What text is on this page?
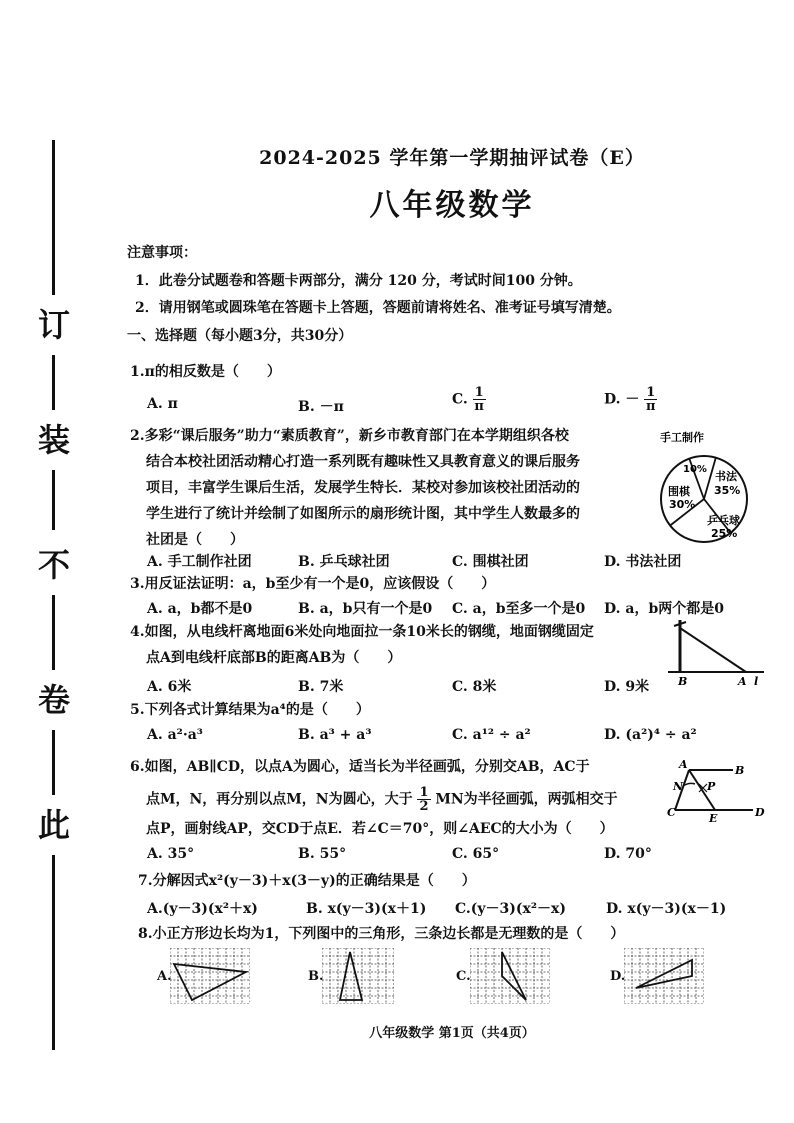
订
装
不
卷
此
2024-2025 学年第一学期抽评试卷（E）
八年级数学
注意事项：
1．此卷分试题卷和答题卡两部分，满分 120 分，考试时间100 分钟。
2．请用钢笔或圆珠笔在答题卡上答题，答题前请将姓名、准考证号填写清楚。
一、选择题（每小题3分，共30分）
1.π的相反数是（　　）
A. π	B. －π	C. $\frac{1}{\pi}$	D. － $\frac{1}{\pi}$
2.多彩“课后服务”助力“素质教育”，新乡市教育部门在本学期组织各校
结合本校社团活动精心打造一系列既有趣味性又具教育意义的课后服务
项目，丰富学生课后生活，发展学生特长．某校对参加该校社团活动的
学生进行了统计并绘制了如图所示的扇形统计图，其中学生人数最多的
社团是（　　）
A. 手工制作社团	B. 乒乓球社团	C. 围棋社团	D. 书法社团
手工制作
10%
书法
35%
乒乓球
25%
围棋
30%
3.用反证法证明：a，b至少有一个是0，应该假设（　　）
A. a，b都不是0	B. a，b只有一个是0 C. a，b至多一个是0 D. a，b两个都是0
4.如图，从电线杆离地面6米处向地面拉一条10米长的钢缆，地面钢缆固定
点A到电线杆底部B的距离AB为（　　）
A. 6米	B. 7米	C. 8米	D. 9米	B	A l
5.下列各式计算结果为a⁴的是（　　）
A. a²·a³	B. a³ + a³	C. a¹² ÷ a²	D. (a²)⁴ ÷ a²
6.如图，AB∥CD，以点A为圆心，适当长为半径画弧，分别交AB，AC于
点M，N，再分别以点M，N为圆心，大于 $\frac{1}{2}$ MN为半径画弧，两弧相交于
点P，画射线AP，交CD于点E．若∠C＝70°，则∠AEC的大小为（　　）
A. 35°	B. 55°	C. 65°	D. 70°
A	B
N P
C	E	D
7.分解因式x²(y－3)＋x(3－y)的正确结果是（　　）
A.(y－3)(x²＋x)	B. x(y－3)(x＋1) C.(y－3)(x²－x)	D. x(y－3)(x－1)
8.小正方形边长均为1，下列图中的三角形，三条边长都是无理数的是（　　）
A.	B.	C.	D.
八年级数学 第1页（共4页）
